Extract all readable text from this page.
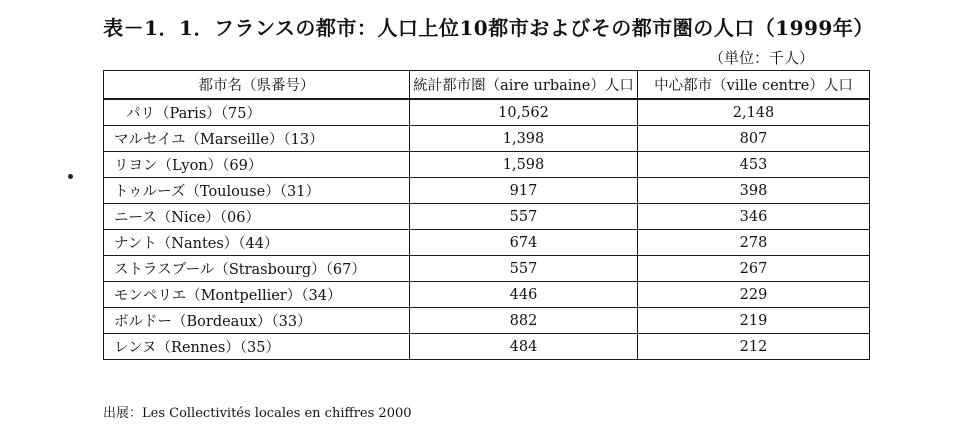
表－1．1．フランスの都市：人口上位10都市およびその都市圏の人口（1999年）
（単位：千人）
都市名（県番号）	統計都市圏（aire urbaine）人口	中心都市（ville centre）人口
パリ（Paris）（75）	10,562	2,148
マルセイユ（Marseille）（13）	1,398	807
リヨン（Lyon）（69）	1,598	453
トゥルーズ（Toulouse）（31）	917	398
ニース（Nice）（06）	557	346
ナント（Nantes）（44）	674	278
ストラスブール（Strasbourg）（67）	557	267
モンペリエ（Montpellier）（34）	446	229
ボルドー（Bordeaux）（33）	882	219
レンヌ（Rennes）（35）	484	212
出展：Les Collectivités locales en chiffres 2000
